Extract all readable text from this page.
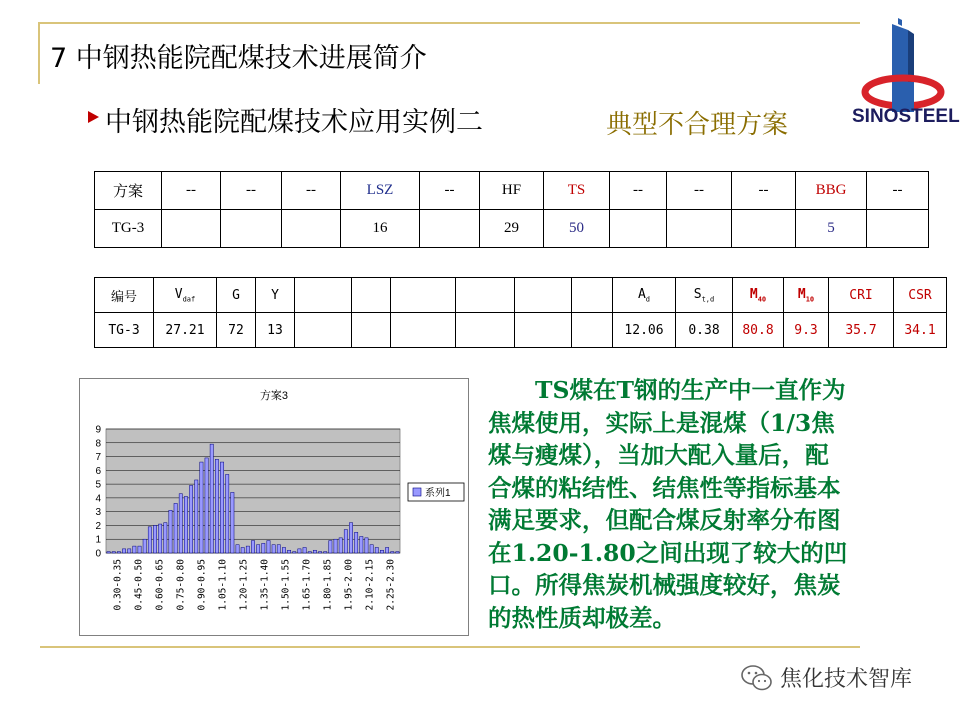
7 中钢热能院配煤技术进展简介
中钢热能院配煤技术应用实例二	典型不合理方案	SINOSTEEL
方案	--	--	--	LSZ	--	HF	TS	--	--	--	BBG	--
TG-3				16		29	50				5	
编号	$V_{daf}$	G	Y							$A_d$	$S_{t,d}$	$M_{40}$	$M_{10}$	CRI	CSR
TG-3	27.21	72	13							12.06	0.38	80.8	9.3	35.7	34.1
方案3
0
1
2
3
4
5
6
7
8
9
0.30-0.35 0.45-0.50 0.60-0.65 0.75-0.80 0.90-0.95 1.05-1.10 1.20-1.25 1.35-1.40 1.50-1.55 1.65-1.70 1.80-1.85 1.95-2.00 2.10-2.15 2.25-2.30
系列1
TS煤在T钢的生产中一直作为
焦煤使用，实际上是混煤（1/3焦
煤与瘦煤），当加大配入量后，配
合煤的粘结性、结焦性等指标基本
满足要求，但配合煤反射率分布图
在1.20-1.80之间出现了较大的凹
口。所得焦炭机械强度较好，焦炭
的热性质却极差。
焦化技术智库
